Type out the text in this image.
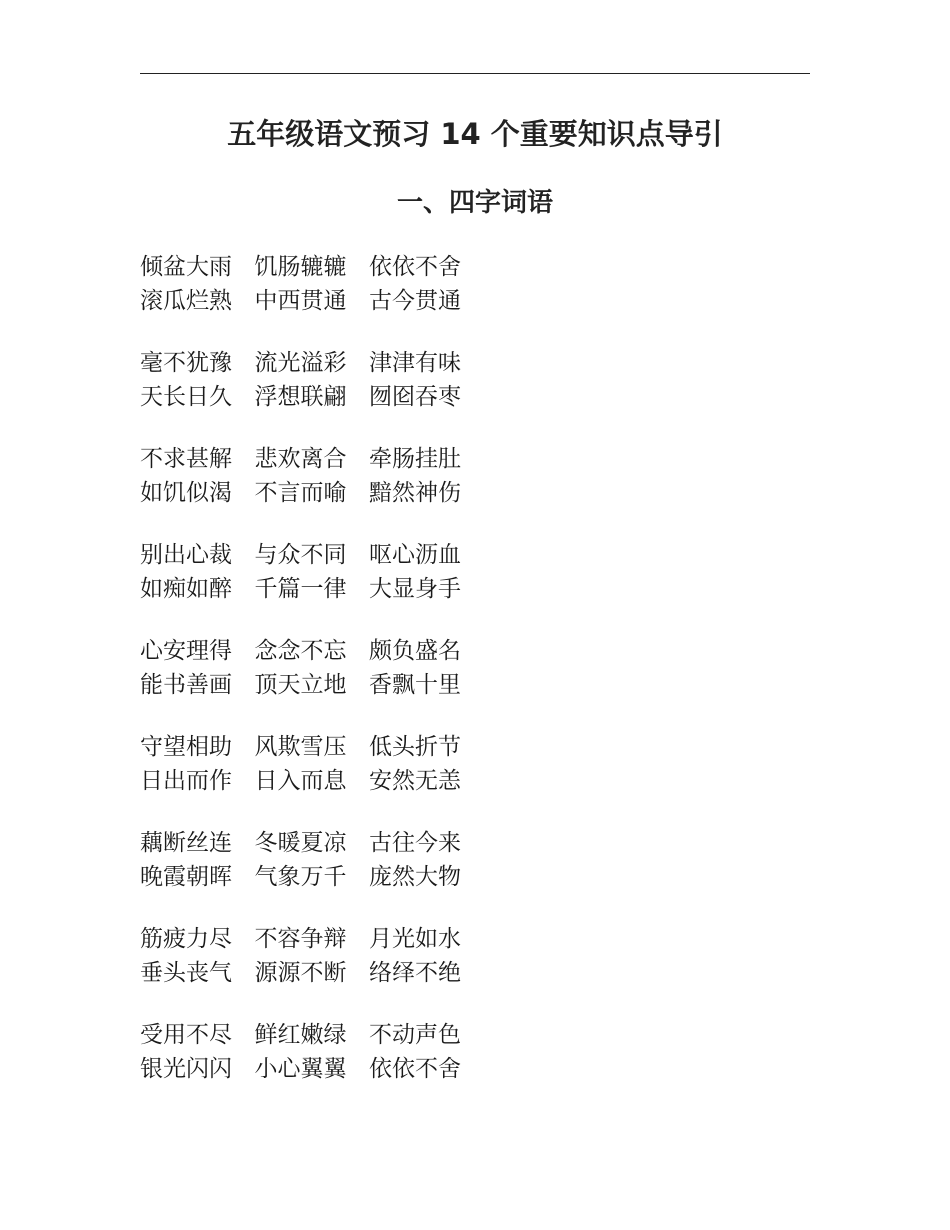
五年级语文预习 14 个重要知识点导引
一、四字词语
倾盆大雨 饥肠辘辘 依依不舍
滚瓜烂熟 中西贯通 古今贯通
毫不犹豫 流光溢彩 津津有味
天长日久 浮想联翩 囫囵吞枣
不求甚解 悲欢离合 牵肠挂肚
如饥似渴 不言而喻 黯然神伤
别出心裁 与众不同 呕心沥血
如痴如醉 千篇一律 大显身手
心安理得 念念不忘 颇负盛名
能书善画 顶天立地 香飘十里
守望相助 风欺雪压 低头折节
日出而作 日入而息 安然无恙
藕断丝连 冬暖夏凉 古往今来
晚霞朝晖 气象万千 庞然大物
筋疲力尽 不容争辩 月光如水
垂头丧气 源源不断 络绎不绝
受用不尽 鲜红嫩绿 不动声色
银光闪闪 小心翼翼 依依不舍
